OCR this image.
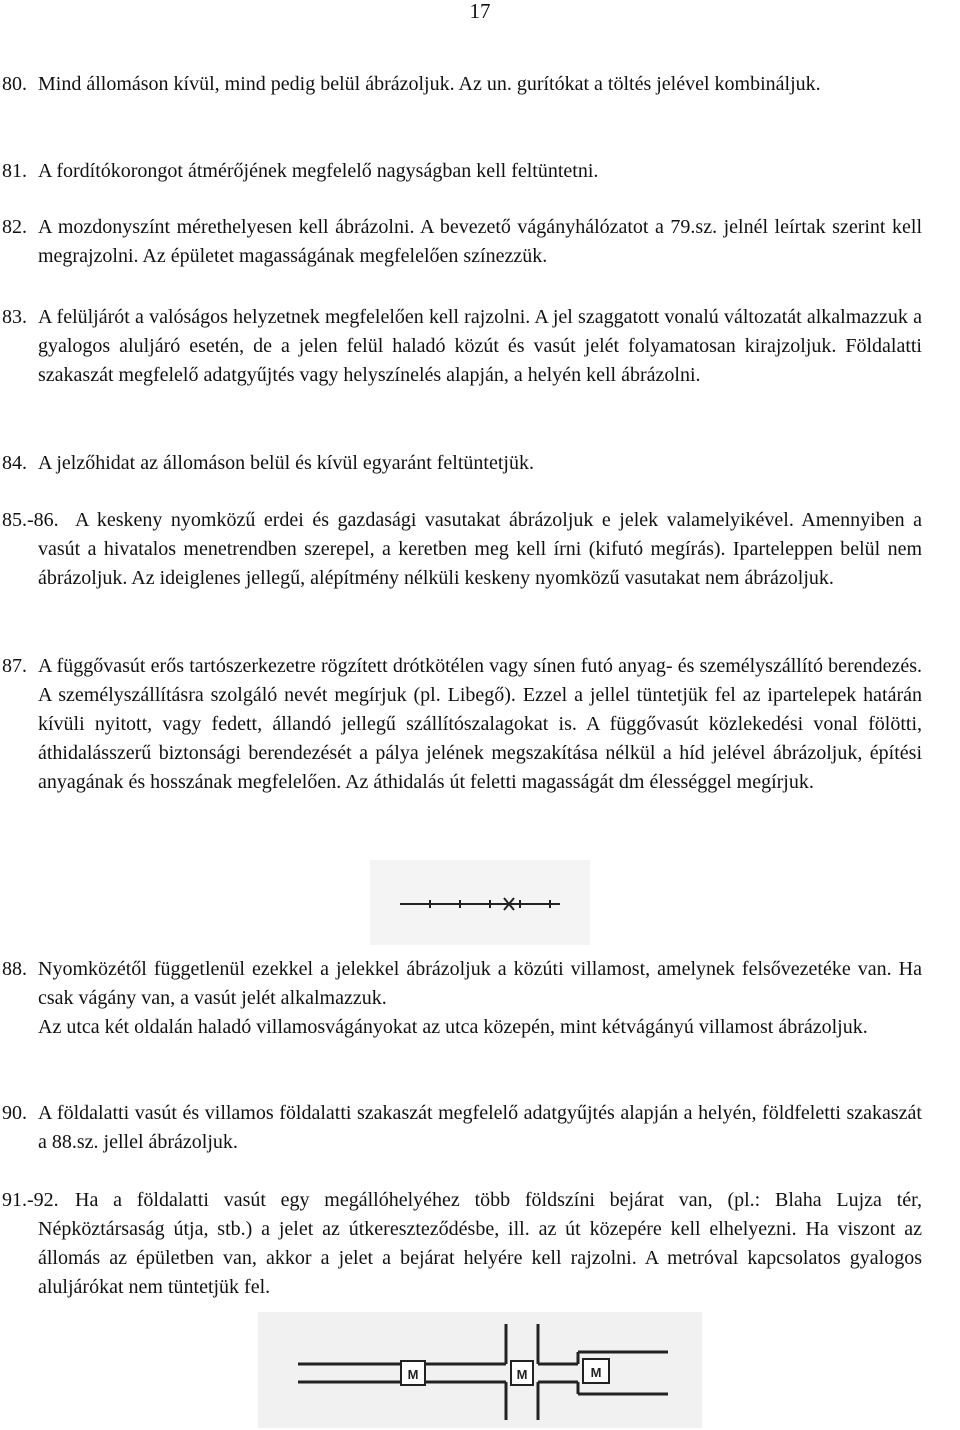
17
80. Mind állomáson kívül, mind pedig belül ábrázoljuk. Az un. gurítókat a töltés jelével kombináljuk.
81. A fordítókorongot átmérőjének megfelelő nagyságban kell feltüntetni.
82. A mozdonyszínt mérethelyesen kell ábrázolni. A bevezető vágányhálózatot a 79.sz. jelnél leírtak szerint kell megrajzolni. Az épületet magasságának megfelelően színezzük.
83. A felüljárót a valóságos helyzetnek megfelelően kell rajzolni. A jel szaggatott vonalú változatát alkalmazzuk a gyalogos aluljáró esetén, de a jelen felül haladó közút és vasút jelét folyamatosan kirajzoljuk. Földalatti szakaszát megfelelő adatgyűjtés vagy helyszínelés alapján, a helyén kell ábrázolni.
84. A jelzőhidat az állomáson belül és kívül egyaránt feltüntetjük.
85.-86. A keskeny nyomközű erdei és gazdasági vasutakat ábrázoljuk e jelek valamelyikével. Amennyiben a vasút a hivatalos menetrendben szerepel, a keretben meg kell írni (kifutó megírás). Iparteleppen belül nem ábrázoljuk. Az ideiglenes jellegű, alépítmény nélküli keskeny nyomközű vasutakat nem ábrázoljuk.
87. A függővasút erős tartószerkezetre rögzített drótkötélen vagy sínen futó anyag- és személyszállító berendezés. A személyszállításra szolgáló nevét megírjuk (pl. Libegő). Ezzel a jellel tüntetjük fel az ipartelepek határán kívüli nyitott, vagy fedett, állandó jellegű szállítószalagokat is. A függővasút közlekedési vonal fölötti, áthidalásszerű biztonsági berendezését a pálya jelének megszakítása nélkül a híd jelével ábrázoljuk, építési anyagának és hosszának megfelelően. Az áthidalás út feletti magasságát dm élességgel megírjuk.
88. Nyomközétől függetlenül ezekkel a jelekkel ábrázoljuk a közúti villamost, amelynek felsővezetéke van. Ha csak vágány van, a vasút jelét alkalmazzuk.
Az utca két oldalán haladó villamosvágányokat az utca közepén, mint kétvágányú villamost ábrázoljuk.
90. A földalatti vasút és villamos földalatti szakaszát megfelelő adatgyűjtés alapján a helyén, földfeletti szakaszát a 88.sz. jellel ábrázoljuk.
91.-92. Ha a földalatti vasút egy megállóhelyéhez több földszíni bejárat van, (pl.: Blaha Lujza tér, Népköztársaság útja, stb.) a jelet az útkereszteződésbe, ill. az út közepére kell elhelyezni. Ha viszont az állomás az épületben van, akkor a jelet a bejárat helyére kell rajzolni. A metróval kapcsolatos gyalogos aluljárókat nem tüntetjük fel.
M	M	M
